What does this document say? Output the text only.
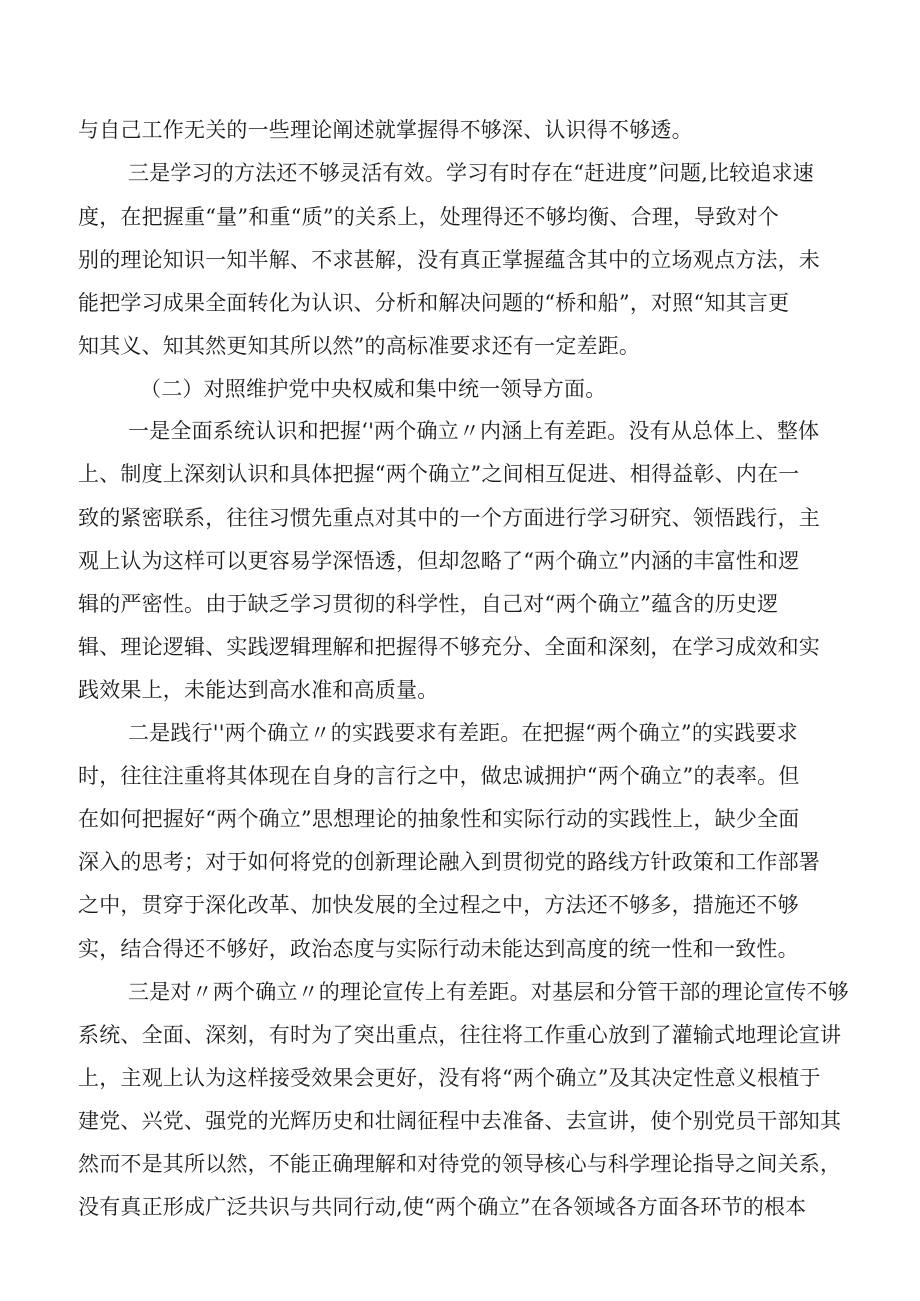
与自己工作无关的一些理论阐述就掌握得不够深、认识得不够透。
三是学习的方法还不够灵活有效。学习有时存在“赶进度”问题,比较追求速
度，在把握重“量”和重“质”的关系上，处理得还不够均衡、合理，导致对个
别的理论知识一知半解、不求甚解，没有真正掌握蕴含其中的立场观点方法，未
能把学习成果全面转化为认识、分析和解决问题的“桥和船”，对照“知其言更
知其义、知其然更知其所以然”的高标准要求还有一定差距。
（二）对照维护党中央权威和集中统一领导方面。
一是全面系统认识和把握‘'两个确立〃内涵上有差距。没有从总体上、整体
上、制度上深刻认识和具体把握“两个确立”之间相互促进、相得益彰、内在一
致的紧密联系，往往习惯先重点对其中的一个方面进行学习研究、领悟践行，主
观上认为这样可以更容易学深悟透，但却忽略了“两个确立”内涵的丰富性和逻
辑的严密性。由于缺乏学习贯彻的科学性，自己对“两个确立”蕴含的历史逻
辑、理论逻辑、实践逻辑理解和把握得不够充分、全面和深刻，在学习成效和实
践效果上，未能达到高水准和高质量。
二是践行''两个确立〃的实践要求有差距。在把握“两个确立”的实践要求
时，往往注重将其体现在自身的言行之中，做忠诚拥护“两个确立”的表率。但
在如何把握好“两个确立”思想理论的抽象性和实际行动的实践性上，缺少全面
深入的思考；对于如何将党的创新理论融入到贯彻党的路线方针政策和工作部署
之中，贯穿于深化改革、加快发展的全过程之中，方法还不够多，措施还不够
实，结合得还不够好，政治态度与实际行动未能达到高度的统一性和一致性。
三是对〃两个确立〃的理论宣传上有差距。对基层和分管干部的理论宣传不够
系统、全面、深刻，有时为了突出重点，往往将工作重心放到了灌输式地理论宣讲
上，主观上认为这样接受效果会更好，没有将“两个确立”及其决定性意义根植于
建党、兴党、强党的光辉历史和壮阔征程中去准备、去宣讲，使个别党员干部知其
然而不是其所以然，不能正确理解和对待党的领导核心与科学理论指导之间关系，
没有真正形成广泛共识与共同行动,使“两个确立”在各领域各方面各环节的根本
